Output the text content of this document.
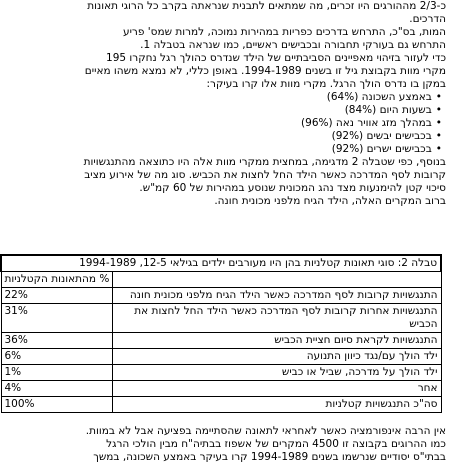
כ-2/3 מההורגים היו זכרים, מה שמתאים לתבנית שנראתה בקרב כל הרוגי תאונות
הדרכים.
המות, בס"כ, התרחש בדרכים כפריות במהירות נמוכה, למרות שמס' פריע
התרחש גם בעורקי תחבורה ובכבישים ראשיים, כמו שנראה בטבלה 1.
כדי לעזור בזיהוי מאפיינים הסביבתיים של הילד שנדרס כהולך רגל נחקרו 195
מקרי מוות בקבוצת גיל זו בשנים 1994-1989. באופן כללי, לא נמצא משהו מאיים
במקן בו נדרס הולך הרגל. מקרי מוות אלו קרו בעיקר:

• באמצע השכונה (64%)
• בשעות היום (84%)
• במהלך מזג אוויר נאה (96%)
• בכבישים יבשים (92%)
• בכבישים ישרים (92%)

בנוסף, כפי שטבלה 2 מדגימה, במחצית ממקרי מוות אלה היו כתוצאה מהתנגשויות
קרובות לסף המדרכה כאשר הילד החל לחצות את הכביש. סוג מה של אירוע מציב
סיכוי קטן להימנעות מצד נהג המכונית שנוסע במהירות של 60 קמ"ש.
ברוב המקרים האלה, הילד הגיח מלפני מכונית חונה.

טבלה 2: סוגי תאונות קטלניות בהן היו מעורבים ילדים בגילאי 12-5, 1994-1989	
	% מהתאונות הקטלניות
התנגשויות קרובות לסף המדרכה כאשר הילד הגיח מלפני מכונית חונה	22%
התנגשויות אחרות קרובות לסף המדרכה כאשר הילד החל לחצות את הכביש	31%
התנגשויות לקראת סיום חציית הכביש	36%
ילד הולך עם/נגד כיוון התנועה	6%
ילד הולך על מדרכה, שביל או כביש	1%
אחר	4%
סה"כ התנגשויות קטלניות	100%

אין הרבה אינפורמציה כאשר לאחראי לתאונה שהסתיימה בפציעה אבל לא במוות.
כמו ההרוגים בקבוצה זו 4500 המקרים של אשפוז בבתיה"ח מבין הולכי הרגל
בבתי"ס יסודיים שנרשמו בשנים 1994-1989 קרו בעיקר באמצע השכונה, במשך
